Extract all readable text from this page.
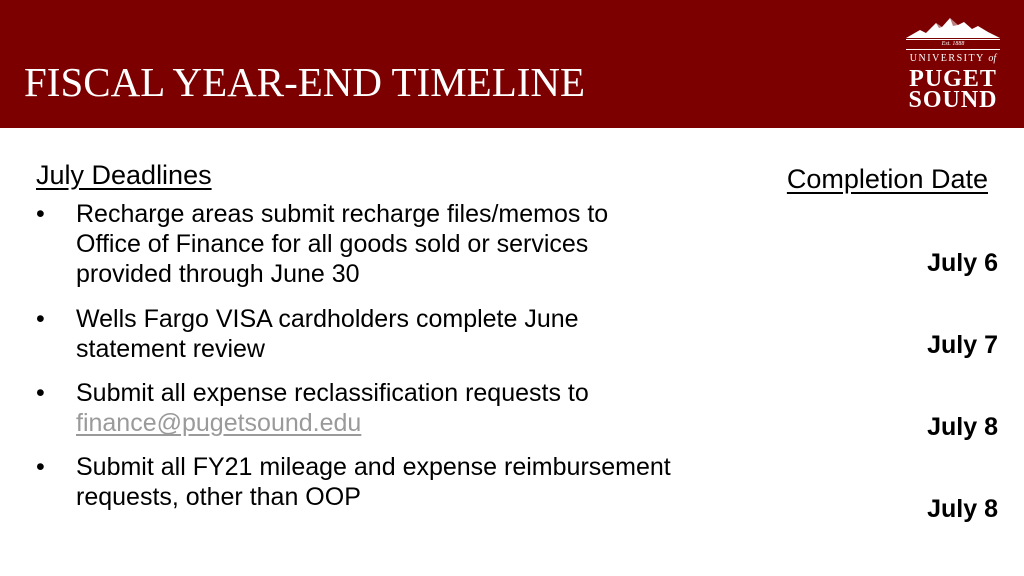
FISCAL YEAR-END TIMELINE
Est. 1888
UNIVERSITY of
PUGET
SOUND
July Deadlines
• Recharge areas submit recharge files/memos to Office of Finance for all goods sold or services provided through June 30
• Wells Fargo VISA cardholders complete June statement review
• Submit all expense reclassification requests to
finance@pugetsound.edu
• Submit all FY21 mileage and expense reimbursement requests, other than OOP
Completion Date
July 6
July 7
July 8
July 8
